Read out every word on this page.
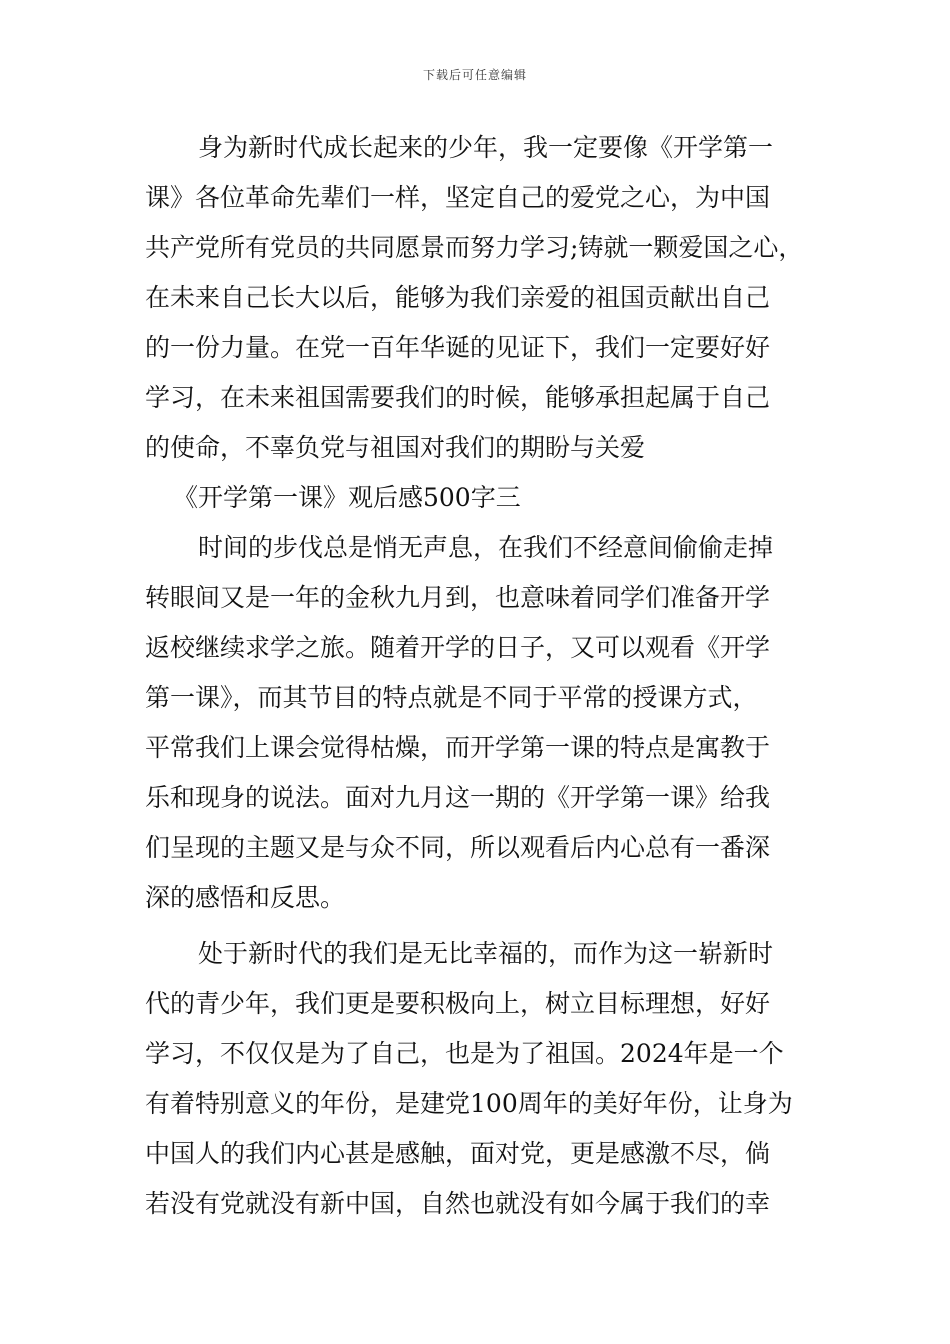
下载后可任意编辑
身为新时代成长起来的少年，我一定要像《开学第一
课》各位革命先辈们一样，坚定自己的爱党之心，为中国
共产党所有党员的共同愿景而努力学习;铸就一颗爱国之心，
在未来自己长大以后，能够为我们亲爱的祖国贡献出自己
的一份力量。在党一百年华诞的见证下，我们一定要好好
学习，在未来祖国需要我们的时候，能够承担起属于自己
的使命，不辜负党与祖国对我们的期盼与关爱
《开学第一课》观后感500字三
时间的步伐总是悄无声息，在我们不经意间偷偷走掉
转眼间又是一年的金秋九月到，也意味着同学们准备开学
返校继续求学之旅。随着开学的日子，又可以观看《开学
第一课》，而其节目的特点就是不同于平常的授课方式，
平常我们上课会觉得枯燥，而开学第一课的特点是寓教于
乐和现身的说法。面对九月这一期的《开学第一课》给我
们呈现的主题又是与众不同，所以观看后内心总有一番深
深的感悟和反思。
处于新时代的我们是无比幸福的，而作为这一崭新时
代的青少年，我们更是要积极向上，树立目标理想，好好
学习，不仅仅是为了自己，也是为了祖国。2024年是一个
有着特别意义的年份，是建党100周年的美好年份，让身为
中国人的我们内心甚是感触，面对党，更是感激不尽，倘
若没有党就没有新中国，自然也就没有如今属于我们的幸
